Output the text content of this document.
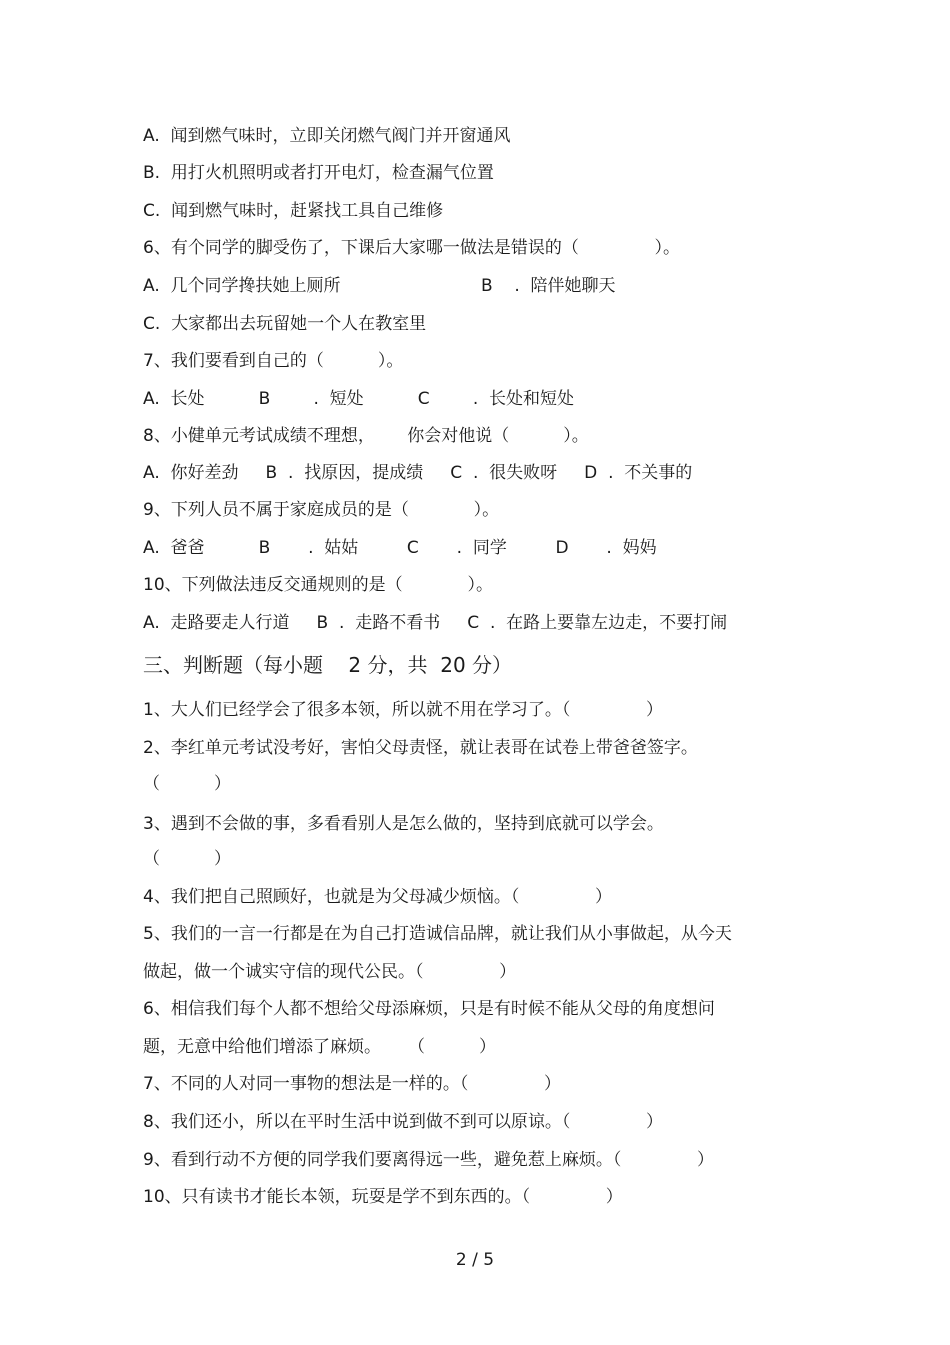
A.  闻到燃气味时，立即关闭燃气阀门并开窗通风
B.  用打火机照明或者打开电灯，检查漏气位置
C.  闻到燃气味时，赶紧找工具自己维修
6、有个同学的脚受伤了，下课后大家哪一做法是错误的（              ）。
A.  几个同学搀扶她上厕所                          B    .  陪伴她聊天
C.  大家都出去玩留她一个人在教室里
7、我们要看到自己的（          ）。
A.  长处          B        .  短处          C        .  长处和短处
8、小健单元考试成绩不理想，      你会对他说（          ）。
A.  你好差劲     B  .  找原因，提成绩     C  .  很失败呀     D  .  不关事的
9、下列人员不属于家庭成员的是（            ）。
A.  爸爸          B       .  姑姑         C       .  同学         D       .  妈妈
10、下列做法违反交通规则的是（            ）。
A.  走路要走人行道     B  .  走路不看书     C  .  在路上要靠左边走，不要打闹
三、判断题（每小题    2 分，共  20 分）
1、大人们已经学会了很多本领，所以就不用在学习了。（              ）
2、李红单元考试没考好，害怕父母责怪，就让表哥在试卷上带爸爸签字。
（          ）
3、遇到不会做的事，多看看别人是怎么做的，坚持到底就可以学会。
（          ）
4、我们把自己照顾好，也就是为父母减少烦恼。（              ）
5、我们的一言一行都是在为自己打造诚信品牌，就让我们从小事做起，从今天
做起，做一个诚实守信的现代公民。（              ）
6、相信我们每个人都不想给父母添麻烦，只是有时候不能从父母的角度想问
题，无意中给他们增添了麻烦。     （          ）
7、不同的人对同一事物的想法是一样的。（              ）
8、我们还小，所以在平时生活中说到做不到可以原谅。（              ）
9、看到行动不方便的同学我们要离得远一些，避免惹上麻烦。（              ）
10、只有读书才能长本领，玩耍是学不到东西的。（              ）
2 / 5
